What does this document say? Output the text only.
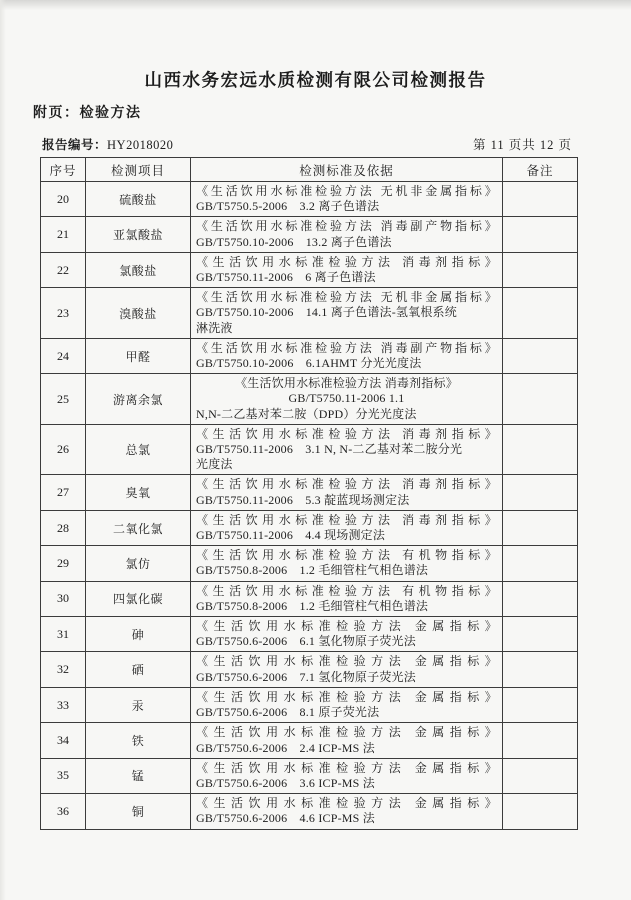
山西水务宏远水质检测有限公司检测报告
附页：检验方法
报告编号：HY2018020	第 11 页共 12 页
序号	检测项目	检测标准及依据	备注
20	硫酸盐	《生活饮用水标准检验方法 无机非金属指标》
GB/T5750.5-2006　3.2 离子色谱法	

21	亚氯酸盐	《生活饮用水标准检验方法 消毒副产物指标》
GB/T5750.10-2006　13.2 离子色谱法	

22	氯酸盐	《生活饮用水标准检验方法 消毒剂指标》
GB/T5750.11-2006　6 离子色谱法	

23	溴酸盐	《生活饮用水标准检验方法 无机非金属指标》
GB/T5750.10-2006　14.1 离子色谱法-氢氧根系统
淋洗液	

24	甲醛	《生活饮用水标准检验方法 消毒副产物指标》
GB/T5750.10-2006　6.1AHMT 分光光度法	

25	游离余氯	《生活饮用水标准检验方法 消毒剂指标》
GB/T5750.11-2006 1.1
N,N-二乙基对苯二胺（DPD）分光光度法	

26	总氯	《生活饮用水标准检验方法 消毒剂指标》
GB/T5750.11-2006　3.1 N, N-二乙基对苯二胺分光
光度法	

27	臭氧	《生活饮用水标准检验方法 消毒剂指标》
GB/T5750.11-2006　5.3 靛蓝现场测定法	

28	二氧化氯	《生活饮用水标准检验方法 消毒剂指标》
GB/T5750.11-2006　4.4 现场测定法	

29	氯仿	《生活饮用水标准检验方法 有机物指标》
GB/T5750.8-2006　1.2 毛细管柱气相色谱法	

30	四氯化碳	《生活饮用水标准检验方法 有机物指标》
GB/T5750.8-2006　1.2 毛细管柱气相色谱法	

31	砷	《生活饮用水标准检验方法 金属指标》
GB/T5750.6-2006　6.1 氢化物原子荧光法	

32	硒	《生活饮用水标准检验方法 金属指标》
GB/T5750.6-2006　7.1 氢化物原子荧光法	

33	汞	《生活饮用水标准检验方法 金属指标》
GB/T5750.6-2006　8.1 原子荧光法	

34	铁	《生活饮用水标准检验方法 金属指标》
GB/T5750.6-2006　2.4 ICP-MS 法	

35	锰	《生活饮用水标准检验方法 金属指标》
GB/T5750.6-2006　3.6 ICP-MS 法	

36	铜	《生活饮用水标准检验方法 金属指标》
GB/T5750.6-2006　4.6 ICP-MS 法	
